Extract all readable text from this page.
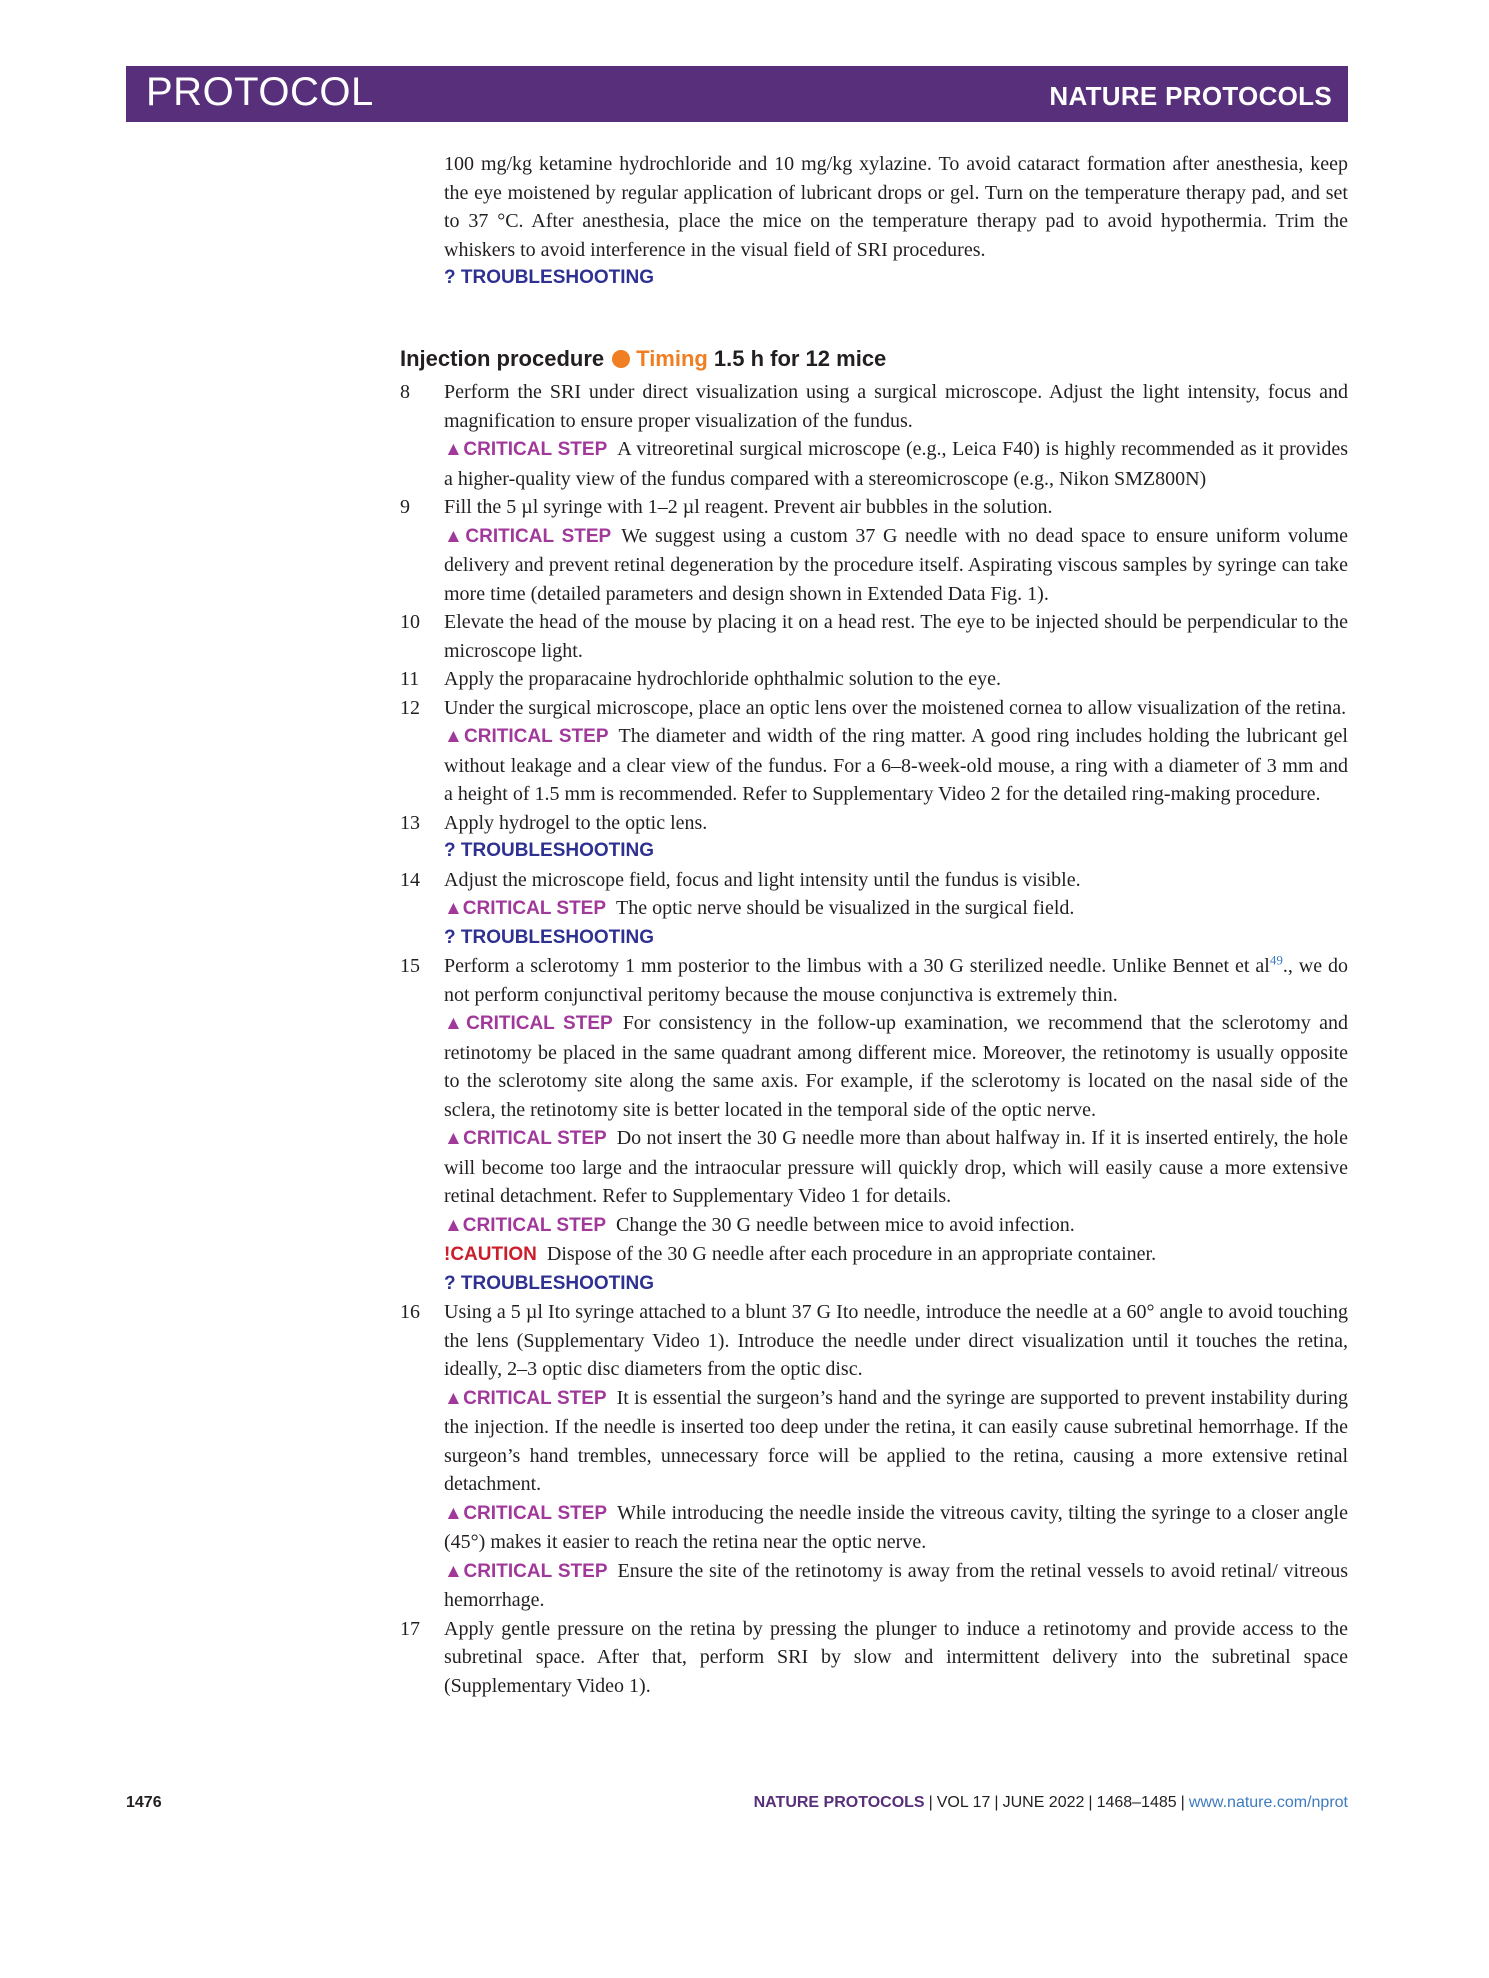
PROTOCOL	NATURE PROTOCOLS

100 mg/kg ketamine hydrochloride and 10 mg/kg xylazine. To avoid cataract formation after anesthesia, keep the eye moistened by regular application of lubricant drops or gel. Turn on the temperature therapy pad, and set to 37 °C. After anesthesia, place the mice on the temperature therapy pad to avoid hypothermia. Trim the whiskers to avoid interference in the visual field of SRI procedures.

? TROUBLESHOOTING
Injection procedure Timing 1.5 h for 12 mice
8	Perform the SRI under direct visualization using a surgical microscope. Adjust the light intensity, focus and magnification to ensure proper visualization of the fundus.

▲CRITICAL STEP A vitreoretinal surgical microscope (e.g., Leica F40) is highly recommended as it provides a higher-quality view of the fundus compared with a stereomicroscope (e.g., Nikon SMZ800N)

9	Fill the 5 µl syringe with 1–2 µl reagent. Prevent air bubbles in the solution.

▲CRITICAL STEP We suggest using a custom 37 G needle with no dead space to ensure uniform volume delivery and prevent retinal degeneration by the procedure itself. Aspirating viscous samples by syringe can take more time (detailed parameters and design shown in Extended Data Fig. 1).

10	Elevate the head of the mouse by placing it on a head rest. The eye to be injected should be perpendicular to the microscope light.

11	Apply the proparacaine hydrochloride ophthalmic solution to the eye.

12	Under the surgical microscope, place an optic lens over the moistened cornea to allow visualization of the retina.

▲CRITICAL STEP The diameter and width of the ring matter. A good ring includes holding the lubricant gel without leakage and a clear view of the fundus. For a 6–8-week-old mouse, a ring with a diameter of 3 mm and a height of 1.5 mm is recommended. Refer to Supplementary Video 2 for the detailed ring-making procedure.

13	Apply hydrogel to the optic lens.

? TROUBLESHOOTING
14	Adjust the microscope field, focus and light intensity until the fundus is visible.

▲CRITICAL STEP The optic nerve should be visualized in the surgical field.

? TROUBLESHOOTING
15	Perform a sclerotomy 1 mm posterior to the limbus with a 30 G sterilized needle. Unlike Bennet et al$^{49}$., we do not perform conjunctival peritomy because the mouse conjunctiva is extremely thin.

▲CRITICAL STEP For consistency in the follow-up examination, we recommend that the sclerotomy and retinotomy be placed in the same quadrant among different mice. Moreover, the retinotomy is usually opposite to the sclerotomy site along the same axis. For example, if the sclerotomy is located on the nasal side of the sclera, the retinotomy site is better located in the temporal side of the optic nerve.

▲CRITICAL STEP Do not insert the 30 G needle more than about halfway in. If it is inserted entirely, the hole will become too large and the intraocular pressure will quickly drop, which will easily cause a more extensive retinal detachment. Refer to Supplementary Video 1 for details.

▲CRITICAL STEP Change the 30 G needle between mice to avoid infection.

!CAUTION Dispose of the 30 G needle after each procedure in an appropriate container.

? TROUBLESHOOTING
16	Using a 5 µl Ito syringe attached to a blunt 37 G Ito needle, introduce the needle at a 60° angle to avoid touching the lens (Supplementary Video 1). Introduce the needle under direct visualization until it touches the retina, ideally, 2–3 optic disc diameters from the optic disc.

▲CRITICAL STEP It is essential the surgeon’s hand and the syringe are supported to prevent instability during the injection. If the needle is inserted too deep under the retina, it can easily cause subretinal hemorrhage. If the surgeon’s hand trembles, unnecessary force will be applied to the retina, causing a more extensive retinal detachment.

▲CRITICAL STEP While introducing the needle inside the vitreous cavity, tilting the syringe to a closer angle (45°) makes it easier to reach the retina near the optic nerve.

▲CRITICAL STEP Ensure the site of the retinotomy is away from the retinal vessels to avoid retinal/ vitreous hemorrhage.

17	Apply gentle pressure on the retina by pressing the plunger to induce a retinotomy and provide access to the subretinal space. After that, perform SRI by slow and intermittent delivery into the subretinal space (Supplementary Video 1).

1476	NATURE PROTOCOLS | VOL 17 | JUNE 2022 | 1468–1485 | www.nature.com/nprot
